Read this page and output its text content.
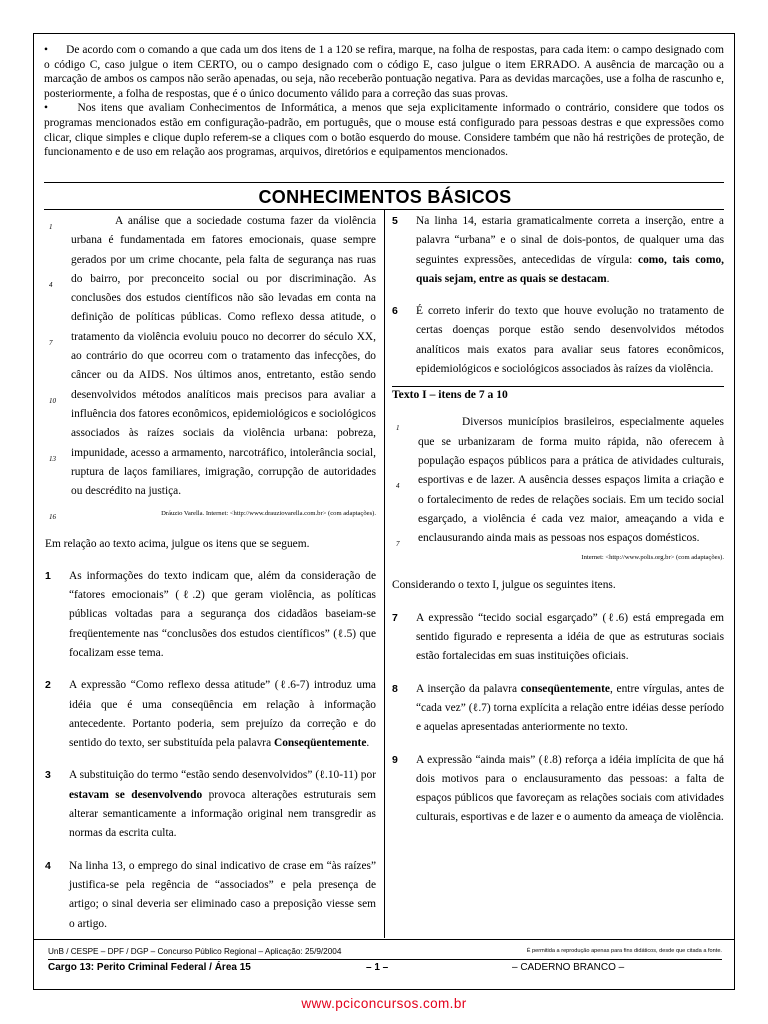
•      De acordo com o comando a que cada um dos itens de 1 a 120 se refira, marque, na folha de respostas, para cada item: o campo designado com o código C, caso julgue o item CERTO, ou o campo designado com o código E, caso julgue o item ERRADO. A ausência de marcação ou a marcação de ambos os campos não serão apenadas, ou seja, não receberão pontuação negativa. Para as devidas marcações, use a folha de rascunho e, posteriormente, a folha de respostas, que é o único documento válido para a correção das suas provas.

•      Nos itens que avaliam Conhecimentos de Informática, a menos que seja explicitamente informado o contrário, considere que todos os programas mencionados estão em configuração-padrão, em português, que o mouse está configurado para pessoas destras e que expressões como clicar, clique simples e clique duplo referem-se a cliques com o botão esquerdo do mouse. Considere também que não há restrições de proteção, de funcionamento e de uso em relação aos programas, arquivos, diretórios e equipamentos mencionados.

CONHECIMENTOS BÁSICOS
1
4
7
10
13
16
A análise que a sociedade costuma fazer da violência urbana é fundamentada em fatores emocionais, quase sempre gerados por um crime chocante, pela falta de segurança nas ruas do bairro, por preconceito social ou por discriminação. As conclusões dos estudos científicos não são levadas em conta na definição de políticas públicas. Como reflexo dessa atitude, o tratamento da violência evoluiu pouco no decorrer do século XX, ao contrário do que ocorreu com o tratamento das infecções, do câncer ou da AIDS. Nos últimos anos, entretanto, estão sendo desenvolvidos métodos analíticos mais precisos para avaliar a influência dos fatores econômicos, epidemiológicos e sociológicos associados às raízes sociais da violência urbana: pobreza, impunidade, acesso a armamento, narcotráfico, intolerância social, ruptura de laços familiares, imigração, corrupção de autoridades ou descrédito na justiça.
Dráuzio Varella. Internet: <http://www.drauziovarella.com.br> (com adaptações).
Em relação ao texto acima, julgue os itens que se seguem.
1 As informações do texto indicam que, além da consideração de “fatores emocionais” (ℓ.2) que geram violência, as políticas públicas voltadas para a segurança dos cidadãos baseiam-se freqüentemente nas “conclusões dos estudos científicos” (ℓ.5) que focalizam esse tema.
2 A expressão “Como reflexo dessa atitude” (ℓ.6-7) introduz uma idéia que é uma conseqüência em relação à informação antecedente. Portanto poderia, sem prejuízo da correção e do sentido do texto, ser substituída pela palavra Conseqüentemente.
3 A substituição do termo “estão sendo desenvolvidos” (ℓ.10-11) por estavam se desenvolvendo provoca alterações estruturais sem alterar semanticamente a informação original nem transgredir as normas da escrita culta.
4 Na linha 13, o emprego do sinal indicativo de crase em “às raízes” justifica-se pela regência de “associados” e pela presença de artigo; o sinal deveria ser eliminado caso a preposição viesse sem o artigo.
5 Na linha 14, estaria gramaticalmente correta a inserção, entre a palavra “urbana” e o sinal de dois-pontos, de qualquer uma das seguintes expressões, antecedidas de vírgula: como, tais como, quais sejam, entre as quais se destacam.
6 É correto inferir do texto que houve evolução no tratamento de certas doenças porque estão sendo desenvolvidos métodos analíticos mais exatos para avaliar seus fatores econômicos, epidemiológicos e sociológicos associados às raízes da violência.
Texto I – itens de 7 a 10
1
4
7
Diversos municípios brasileiros, especialmente aqueles que se urbanizaram de forma muito rápida, não oferecem à população espaços públicos para a prática de atividades culturais, esportivas e de lazer. A ausência desses espaços limita a criação e o fortalecimento de redes de relações sociais. Em um tecido social esgarçado, a violência é cada vez maior, ameaçando a vida e enclausurando ainda mais as pessoas nos espaços domésticos.
Internet: <http://www.polis.org.br> (com adaptações).
Considerando o texto I, julgue os seguintes itens.
7 A expressão “tecido social esgarçado” (ℓ.6) está empregada em sentido figurado e representa a idéia de que as estruturas sociais estão fortalecidas em suas instituições oficiais.
8 A inserção da palavra conseqüentemente, entre vírgulas, antes de “cada vez” (ℓ.7) torna explícita a relação entre idéias desse período e aquelas apresentadas anteriormente no texto.
9 A expressão “ainda mais” (ℓ.8) reforça a idéia implícita de que há dois motivos para o enclausuramento das pessoas: a falta de espaços públicos que favoreçam as relações sociais com atividades culturais, esportivas e de lazer e o aumento da ameaça de violência.
UnB / CESPE – DPF / DGP – Concurso Público Regional – Aplicação: 25/9/2004	É permitida a reprodução apenas para fins didáticos, desde que citada a fonte.
Cargo 13: Perito Criminal Federal / Área 15	– 1 –	– CADERNO BRANCO –
www.pciconcursos.com.br
